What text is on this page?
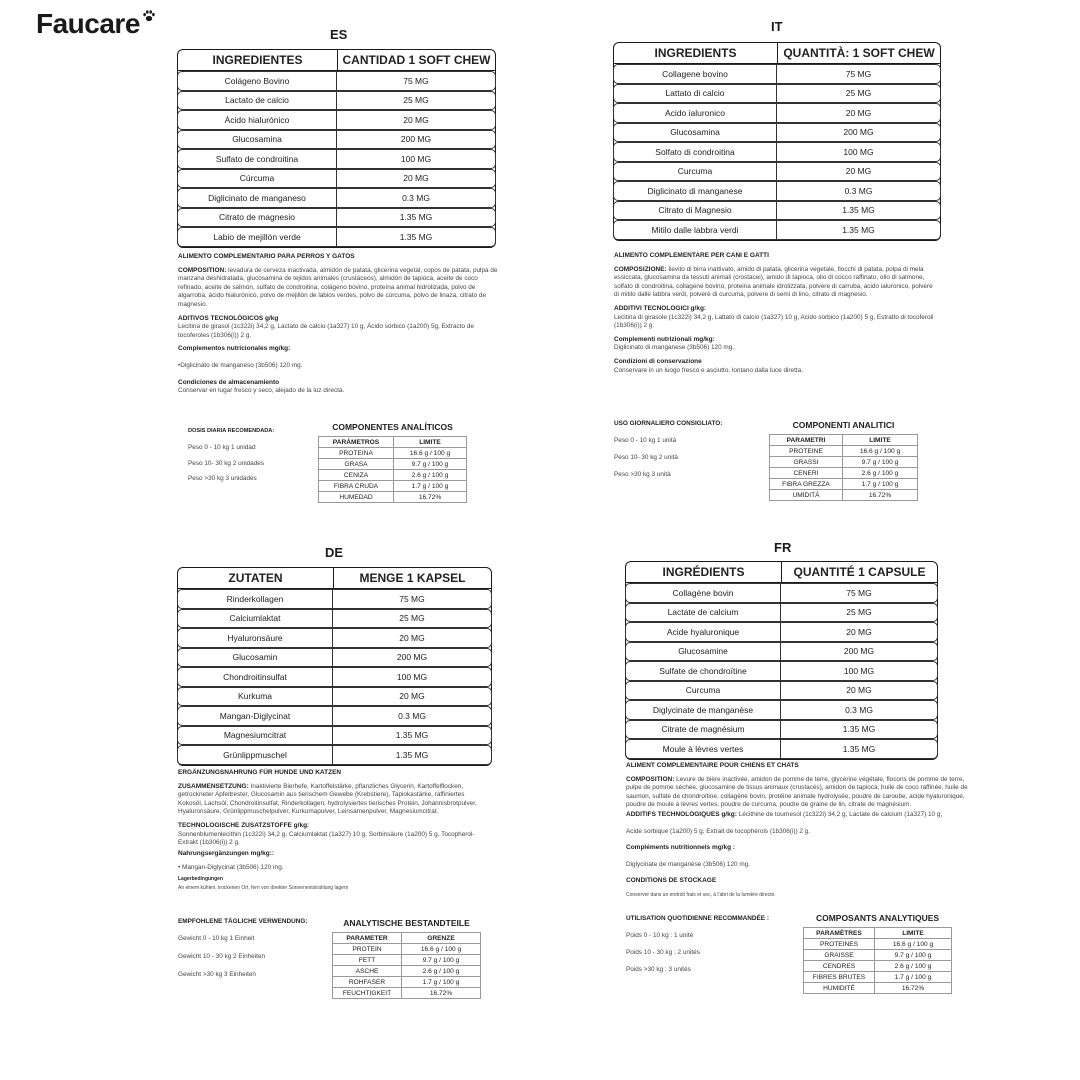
Faucare	ES
INGREDIENTES	CANTIDAD 1 SOFT CHEW
Colágeno Bovino	75 MG
Lactato de calcio	25 MG
Ácido hialurónico	20 MG
Glucosamina	200 MG
Sulfato de condroitina	100 MG
Cúrcuma	20 MG
Diglicinato de manganeso	0.3 MG
Citrato de magnesio	1.35 MG
Labio de mejillón verde	1.35 MG

ALIMENTO COMPLEMENTARIO PARA PERROS Y GATOS

COMPOSITION: levadura de cerveza inactivada, almidón de patata, glicerina vegetal, copos de patata, pulpa de manzana deshidratada, glucosamina de tejidos animales (crustáceos), almidón de tapioca, aceite de coco refinado, aceite de salmón, sulfato de condroitina, colágeno bovino, proteína animal hidrolizada, polvo de algarroba, ácido hialurónico, polvo de mejillón de labios verdes, polvo de cúrcuma, polvo de linaza, citrato de magnesio.

ADITIVOS TECNOLÓGICOS g/kg

Lecitina de girasol (1c322i) 34,2 g, Lactato de calcio (1a327) 10 g, Ácido sórbico (1a200) 5g, Extracto de tocoferoles (1b306(i)) 2 g.

Complementos nutricionales mg/kg:

•Diglicinato de manganeso (3b506) 120 mg.

Condiciones de almacenamiento

Conservar en lugar fresco y seco, alejado de la luz directa.

DOSIS DIARIA RECOMENDADA:
Peso 0 - 10 kg 1 unidad
Peso 10- 30 kg 2 unidades
Peso >30 kg 3 unidades
COMPONENTES ANALÍTICOS
PARÁMETROS	LIMITE
PROTEINA	16.6 g / 100 g
GRASA	9.7 g / 100 g
CENIZA	2.6 g / 100 g
FIBRA CRUDA	1.7 g / 100 g
HUMEDAD	16.72%
IT
INGREDIENTS	QUANTITÀ: 1 SOFT CHEW
Collagene bovino	75 MG
Lattato di calcio	25 MG
Acido ialuronico	20 MG
Glucosamina	200 MG
Solfato di condroitina	100 MG
Curcuma	20 MG
Diglicinato di manganese	0.3 MG
Citrato di Magnesio	1.35 MG
Mitilo dalle labbra verdi	1.35 MG

ALIMENTO COMPLEMENTARE PER CANI E GATTI

COMPOSIZIONE: lievito di birra inattivato, amido di patata, glicerina vegetale, fiocchi di patata, polpa di mela essiccata, glucosamina da tessuti animali (crostacei), amido di tapioca, olio di cocco raffinato, olio di salmone, solfato di condroitina, collagene bovino, proteina animale idrolizzata, polvere di carruba, acido ialuronico, polvere di mitilo dalle labbra verdi, polvere di curcuma, polvere di semi di lino, citrato di magnesio.

ADDITIVI TECNOLOGICI g/kg:

Lecitina di girasole (1c322i) 34,2 g, Lattato di calcio (1a327) 10 g, Acido sorbico (1a200) 5 g, Estratto di tocoferoli (1b306(i)) 2 g.

Complementi nutrizionali mg/kg:

Diglicinato di manganese (3b506) 120 mg.

Condizioni di conservazione

Conservare in un luogo fresco e asciutto, lontano dalla luce diretta.

USO GIORNALIERO CONSIGLIATO:
Peso 0 - 10 kg 1 unità
Peso 10- 30 kg 2 unità
Peso >30 kg 3 unità
COMPONENTI ANALITICI
PARAMETRI	LIMITE
PROTEINE	16.6 g / 100 g
GRASSI	9.7 g / 100 g
CENERI	2.6 g / 100 g
FIBRA GREZZA	1.7 g / 100 g
UMIDITÀ	16.72%
DE
ZUTATEN	MENGE 1 KAPSEL
Rinderkollagen	75 MG
Calciumlaktat	25 MG
Hyaluronsäure	20 MG
Glucosamin	200 MG
Chondroitinsulfat	100 MG
Kurkuma	20 MG
Mangan-Diglycinat	0.3 MG
Magnesiumcitrat	1.35 MG
Grünlippmuschel	1.35 MG

ERGÄNZUNGSNAHRUNG FÜR HUNDE UND KATZEN

ZUSAMMENSETZUNG: Inaktivierte Bierhefe, Kartoffelstärke, pflanzliches Glycerin, Kartoffelflocken, getrockneter Apfeltrester, Glucosamin aus tierischem Gewebe (Krebstiere), Tapiokastärke, raffiniertes Kokosöl, Lachsöl, Chondroitinsulfat, Rinderkollagen, hydrolysiertes tierisches Protein, Johannisbrotpulver, Hyaluronsäure, Grünlippmuschelpulver, Kurkumapulver, Leinsamenpulver, Magnesiumcitrat.

TECHNOLOGISCHE ZUSATZSTOFFE g/kg:

Sonnenblumenlecithin (1c322i) 34,2 g, Calciumlaktat (1a327) 10 g, Sorbinsäure (1a200) 5 g, Tocopherol-Extrakt (1b306(i)) 2 g.

Nahrungsergänzungen mg/kg::

• Mangan-Diglycinat (3b506) 120 mg.

Lagerbedingungen

An einem kühlen, trockenen Ort, fern von direkter Sonneneinstrahlung lagern

EMPFOHLENE TÄGLICHE VERWENDUNG:
Gewicht 0 - 10 kg 1 Einheit
Gewicht 10 - 30 kg 2 Einheiten
Gewicht >30 kg 3 Einheiten
ANALYTISCHE BESTANDTEILE
PARAMETER	GRENZE
PROTEIN	16.6 g / 100 g
FETT	9.7 g / 100 g
ASCHE	2.6 g / 100 g
ROHFASER	1.7 g / 100 g
FEUCHTIGKEIT	16.72%
FR
INGRÉDIENTS	QUANTITÉ 1 CAPSULE
Collagène bovin	75 MG
Lactate de calcium	25 MG
Acide hyaluronique	20 MG
Glucosamine	200 MG
Sulfate de chondroïtine	100 MG
Curcuma	20 MG
Diglycinate de manganèse	0.3 MG
Citrate de magnésium	1.35 MG
Moule à lèvres vertes	1.35 MG

ALIMENT COMPLEMENTAIRE POUR CHIENS ET CHATS

COMPOSITION: Levure de bière inactivée, amidon de pomme de terre, glycérine végétale, flocons de pomme de terre, pulpe de pomme séchée, glucosamine de tissus animaux (crustacés), amidon de tapioca, huile de coco raffinée, huile de saumon, sulfate de chondroïtine, collagène bovin, protéine animale hydrolysée, poudre de caroube, acide hyaluronique, poudre de moule à lèvres vertes, poudre de curcuma, poudre de graine de lin, citrate de magnésium.

ADDITIFS TECHNOLOGIQUES g/kg: Lécithine de tournesol (1c322i) 34,2 g, Lactate de calcium (1a327) 10 g,

Acide sorbique (1a200) 5 g, Extrait de tocophérols (1b306(i)) 2 g.

Compléments nutritionnels mg/kg :

Diglycinate de manganèse (3b506) 120 mg.

CONDITIONS DE STOCKAGE

Conserver dans un endroit frais et sec, à l'abri de la lumière directe.

UTILISATION QUOTIDIENNE RECOMMANDÉE :
Poids 0 - 10 kg : 1 unité
Poids 10 - 30 kg : 2 unités
Poids >30 kg : 3 unités
COMPOSANTS ANALYTIQUES
PARAMÈTRES	LIMITE
PROTEINES	16.6 g / 100 g
GRAISSE	9.7 g / 100 g
CENDRES	2.6 g / 100 g
FIBRES BRUTES	1.7 g / 100 g
HUMIDITÉ	16.72%
